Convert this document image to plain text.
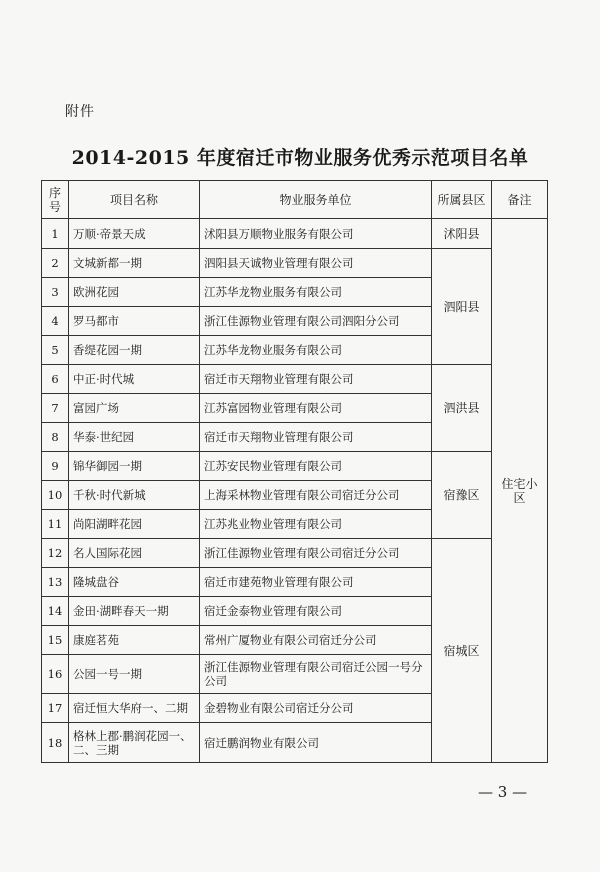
附件
2014-2015 年度宿迁市物业服务优秀示范项目名单
序号	项目名称	物业服务单位	所属县区	备注
1	万顺·帝景天成	沭阳县万顺物业服务有限公司	沭阳县	住宅小区
2	文城新都一期	泗阳县天诚物业管理有限公司	泗阳县	
3	欧洲花园	江苏华龙物业服务有限公司		
4	罗马都市	浙江佳源物业管理有限公司泗阳分公司		
5	香缇花园一期	江苏华龙物业服务有限公司		
6	中正·时代城	宿迁市天翔物业管理有限公司	泗洪县	
7	富园广场	江苏富园物业管理有限公司		
8	华泰·世纪园	宿迁市天翔物业管理有限公司		
9	锦华御园一期	江苏安民物业管理有限公司	宿豫区	
10	千秋·时代新城	上海采林物业管理有限公司宿迁分公司		
11	尚阳湖畔花园	江苏兆业物业管理有限公司		
12	名人国际花园	浙江佳源物业管理有限公司宿迁分公司	宿城区	
13	隆城盘谷	宿迁市建苑物业管理有限公司		
14	金田·湖畔春天一期	宿迁金泰物业管理有限公司		
15	康庭茗苑	常州广厦物业有限公司宿迁分公司		
16	公园一号一期	浙江佳源物业管理有限公司宿迁公园一号分公司		
17	宿迁恒大华府一、二期	金碧物业有限公司宿迁分公司		
18	格林上郡·鹏润花园一、二、三期	宿迁鹏润物业有限公司		
— 3 —
